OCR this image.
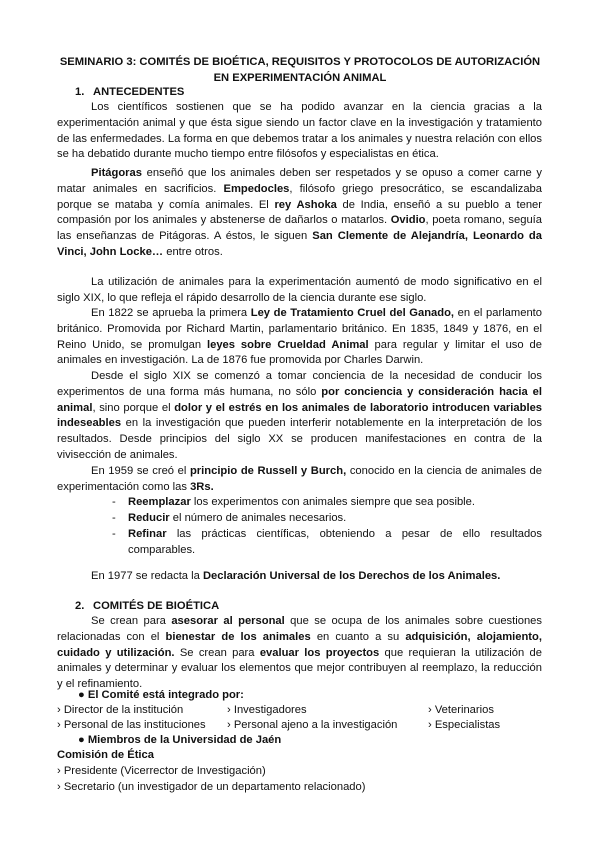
SEMINARIO 3: COMITÉS DE BIOÉTICA, REQUISITOS Y PROTOCOLOS DE AUTORIZACIÓN
EN EXPERIMENTACIÓN ANIMAL
1. ANTECEDENTES
Los científicos sostienen que se ha podido avanzar en la ciencia gracias a la experimentación animal y que ésta sigue siendo un factor clave en la investigación y tratamiento de las enfermedades. La forma en que debemos tratar a los animales y nuestra relación con ellos se ha debatido durante mucho tiempo entre filósofos y especialistas en ética.
Pitágoras enseñó que los animales deben ser respetados y se opuso a comer carne y matar animales en sacrificios. Empedocles, filósofo griego presocrático, se escandalizaba porque se mataba y comía animales. El rey Ashoka de India, enseñó a su pueblo a tener compasión por los animales y abstenerse de dañarlos o matarlos. Ovidio, poeta romano, seguía las enseñanzas de Pitágoras. A éstos, le siguen San Clemente de Alejandría, Leonardo da Vinci, John Locke… entre otros.
La utilización de animales para la experimentación aumentó de modo significativo en el siglo XIX, lo que refleja el rápido desarrollo de la ciencia durante ese siglo.
En 1822 se aprueba la primera Ley de Tratamiento Cruel del Ganado, en el parlamento británico. Promovida por Richard Martin, parlamentario británico. En 1835, 1849 y 1876, en el Reino Unido, se promulgan leyes sobre Crueldad Animal para regular y limitar el uso de animales en investigación. La de 1876 fue promovida por Charles Darwin.
Desde el siglo XIX se comenzó a tomar conciencia de la necesidad de conducir los experimentos de una forma más humana, no sólo por conciencia y consideración hacia el animal, sino porque el dolor y el estrés en los animales de laboratorio introducen variables indeseables en la investigación que pueden interferir notablemente en la interpretación de los resultados. Desde principios del siglo XX se producen manifestaciones en contra de la vivisección de animales.
En 1959 se creó el principio de Russell y Burch, conocido en la ciencia de animales de experimentación como las 3Rs.
-	Reemplazar los experimentos con animales siempre que sea posible.
-	Reducir el número de animales necesarios.
-	Refinar las prácticas científicas, obteniendo a pesar de ello resultados comparables.
En 1977 se redacta la Declaración Universal de los Derechos de los Animales.
2. COMITÉS DE BIOÉTICA
Se crean para asesorar al personal que se ocupa de los animales sobre cuestiones relacionadas con el bienestar de los animales en cuanto a su adquisición, alojamiento, cuidado y utilización. Se crean para evaluar los proyectos que requieran la utilización de animales y determinar y evaluar los elementos que mejor contribuyen al reemplazo, la reducción y el refinamiento.
● El Comité está integrado por:
› Director de la institución	› Investigadores	› Veterinarios
› Personal de las instituciones › Personal ajeno a la investigación	› Especialistas
● Miembros de la Universidad de Jaén
Comisión de Ética
› Presidente (Vicerrector de Investigación)
› Secretario (un investigador de un departamento relacionado)
